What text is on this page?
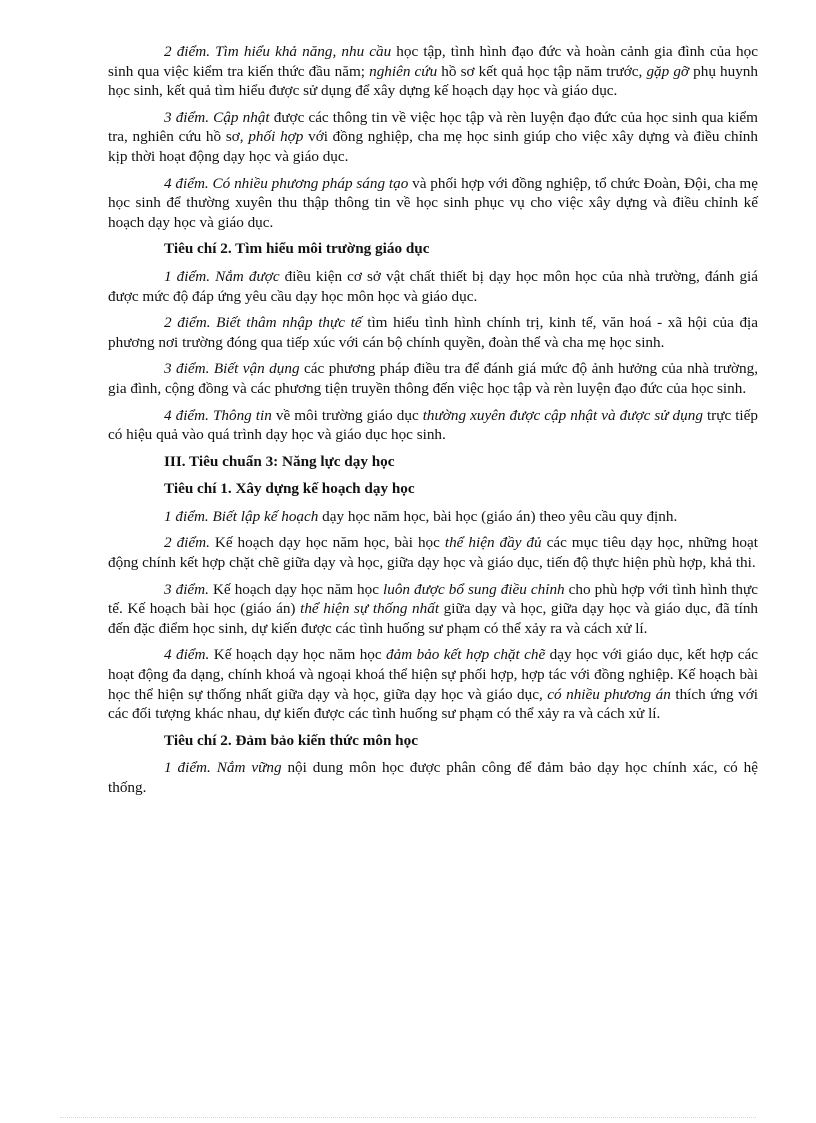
2 điểm. Tìm hiểu khả năng, nhu cầu học tập, tình hình đạo đức và hoàn cảnh gia đình của học sinh qua việc kiểm tra kiến thức đầu năm; nghiên cứu hồ sơ kết quả học tập năm trước, gặp gỡ phụ huynh học sinh, kết quả tìm hiểu được sử dụng để xây dựng kế hoạch dạy học và giáo dục.

3 điểm. Cập nhật được các thông tin về việc học tập và rèn luyện đạo đức của học sinh qua kiểm tra, nghiên cứu hồ sơ, phối hợp với đồng nghiệp, cha mẹ học sinh giúp cho việc xây dựng và điều chỉnh kịp thời hoạt động dạy học và giáo dục.

4 điểm. Có nhiều phương pháp sáng tạo và phối hợp với đồng nghiệp, tổ chức Đoàn, Đội, cha mẹ học sinh để thường xuyên thu thập thông tin về học sinh phục vụ cho việc xây dựng và điều chỉnh kế hoạch dạy học và giáo dục.

Tiêu chí 2. Tìm hiểu môi trường giáo dục

1 điểm. Nắm được điều kiện cơ sở vật chất thiết bị dạy học môn học của nhà trường, đánh giá được mức độ đáp ứng yêu cầu dạy học môn học và giáo dục.

2 điểm. Biết thâm nhập thực tế tìm hiểu tình hình chính trị, kinh tế, văn hoá - xã hội của địa phương nơi trường đóng qua tiếp xúc với cán bộ chính quyền, đoàn thể và cha mẹ học sinh.

3 điểm. Biết vận dụng các phương pháp điều tra để đánh giá mức độ ảnh hưởng của nhà trường, gia đình, cộng đồng và các phương tiện truyền thông đến việc học tập và rèn luyện đạo đức của học sinh.

4 điểm. Thông tin về môi trường giáo dục thường xuyên được cập nhật và được sử dụng trực tiếp có hiệu quả vào quá trình dạy học và giáo dục học sinh.

III. Tiêu chuẩn 3: Năng lực dạy học

Tiêu chí 1. Xây dựng kế hoạch dạy học

1 điểm. Biết lập kế hoạch dạy học năm học, bài học (giáo án) theo yêu cầu quy định.

2 điểm. Kế hoạch dạy học năm học, bài học thể hiện đầy đủ các mục tiêu dạy học, những hoạt động chính kết hợp chặt chẽ giữa dạy và học, giữa dạy học và giáo dục, tiến độ thực hiện phù hợp, khả thi.

3 điểm. Kế hoạch dạy học năm học luôn được bổ sung điều chỉnh cho phù hợp với tình hình thực tế. Kế hoạch bài học (giáo án) thể hiện sự thống nhất giữa dạy và học, giữa dạy học và giáo dục, đã tính đến đặc điểm học sinh, dự kiến được các tình huống sư phạm có thể xảy ra và cách xử lí.

4 điểm. Kế hoạch dạy học năm học đảm bảo kết hợp chặt chẽ dạy học với giáo dục, kết hợp các hoạt động đa dạng, chính khoá và ngoại khoá thể hiện sự phối hợp, hợp tác với đồng nghiệp. Kế hoạch bài học thể hiện sự thống nhất giữa dạy và học, giữa dạy học và giáo dục, có nhiều phương án thích ứng với các đối tượng khác nhau, dự kiến được các tình huống sư phạm có thể xảy ra và cách xử lí.

Tiêu chí 2. Đảm bảo kiến thức môn học

1 điểm. Nắm vững nội dung môn học được phân công để đảm bảo dạy học chính xác, có hệ thống.
